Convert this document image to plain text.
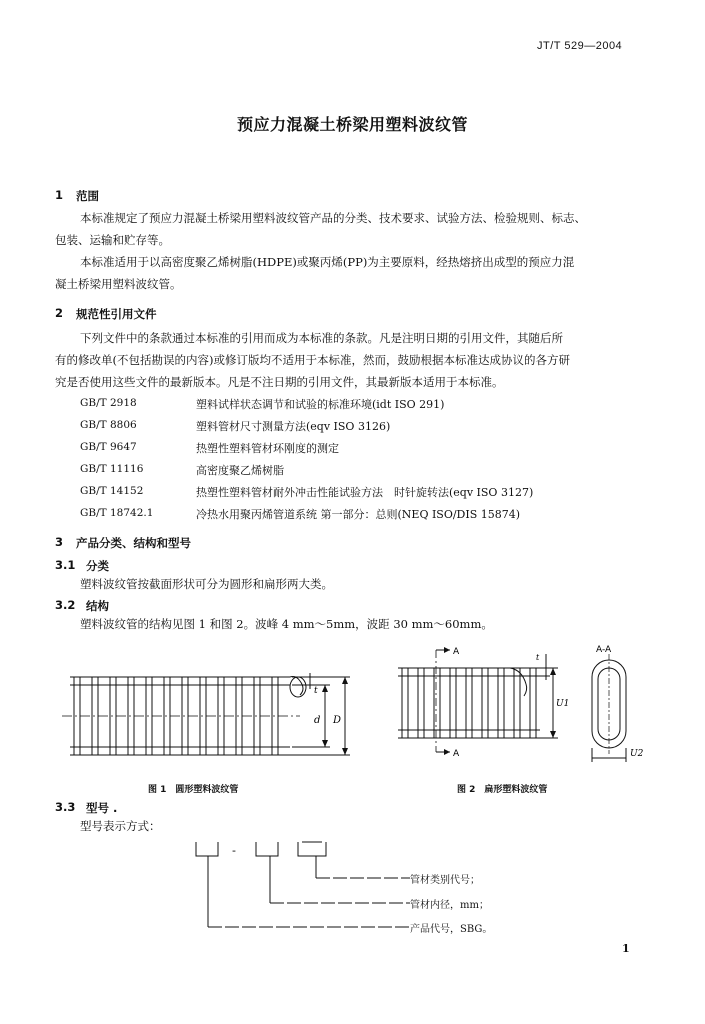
JT/T 529—2004
预应力混凝土桥梁用塑料波纹管
1 范围
本标准规定了预应力混凝土桥梁用塑料波纹管产品的分类、技术要求、试验方法、检验规则、标志、
包装、运输和贮存等。
本标准适用于以高密度聚乙烯树脂(HDPE)或聚丙烯(PP)为主要原料，经热熔挤出成型的预应力混
凝土桥梁用塑料波纹管。
2 规范性引用文件
下列文件中的条款通过本标准的引用而成为本标准的条款。凡是注明日期的引用文件，其随后所
有的修改单(不包括勘误的内容)或修订版均不适用于本标准，然而，鼓励根据本标准达成协议的各方研
究是否使用这些文件的最新版本。凡是不注日期的引用文件，其最新版本适用于本标准。
GB/T 2918	塑料试样状态调节和试验的标准环境(idt ISO 291)
GB/T 8806	塑料管材尺寸测量方法(eqv ISO 3126)
GB/T 9647	热塑性塑料管材环刚度的测定
GB/T 11116	高密度聚乙烯树脂
GB/T 14152	热塑性塑料管材耐外冲击性能试验方法　时针旋转法(eqv ISO 3127)
GB/T 18742.1	冷热水用聚丙烯管道系统 第一部分：总则(NEQ ISO/DIS 15874)
3 产品分类、结构和型号
3.1 分类
塑料波纹管按截面形状可分为圆形和扁形两大类。
3.2 结构
塑料波纹管的结构见图 1 和图 2。波峰 4 mm～5mm，波距 30 mm～60mm。
t
d D
图 1　圆形塑料波纹管
A
A
t
U1
A-A
U2
图 2　扁形塑料波纹管
3.3 型号 .
型号表示方式：
-
管材类别代号；
管材内径，mm；
产品代号，SBG。
1
